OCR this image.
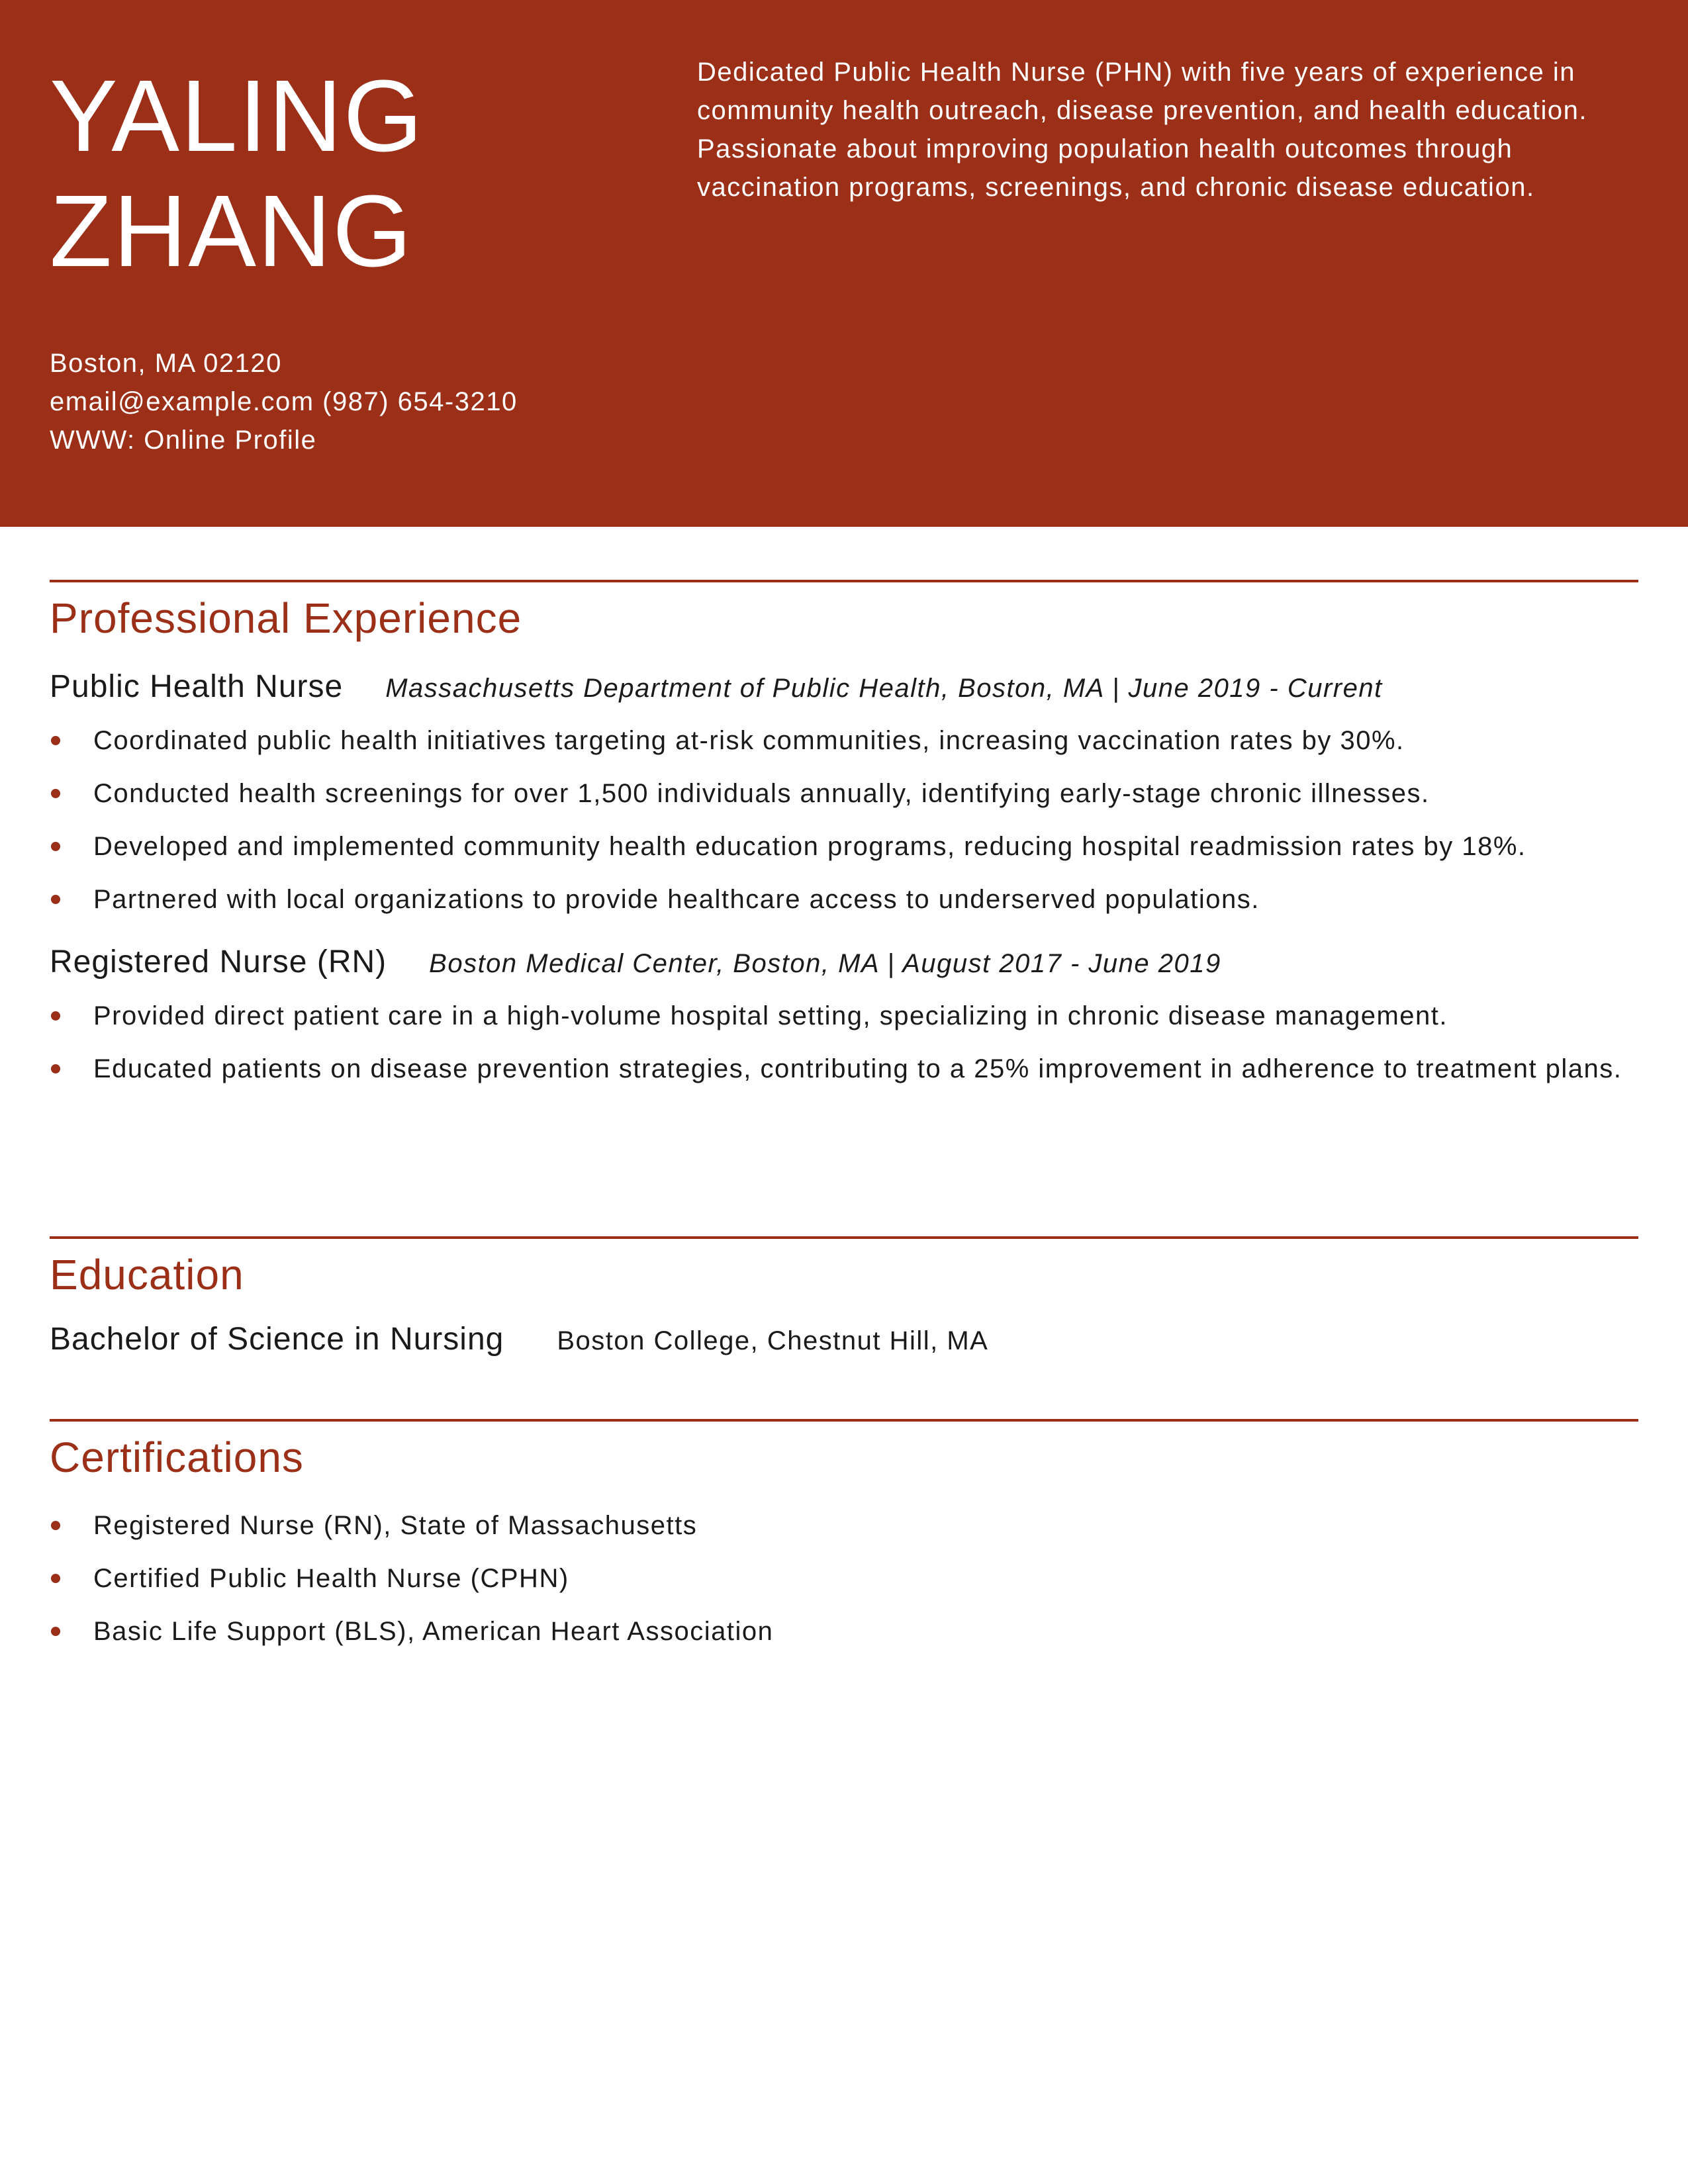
YALING
ZHANG

Dedicated Public Health Nurse (PHN) with five years of experience in community health outreach, disease prevention, and health education. Passionate about improving population health outcomes through vaccination programs, screenings, and chronic disease education.

Boston, MA 02120
email@example.com (987) 654-3210
WWW: Online Profile
Professional Experience
Public Health Nurse Massachusetts Department of Public Health, Boston, MA | June 2019 - Current
Coordinated public health initiatives targeting at-risk communities, increasing vaccination rates by 30%.
Conducted health screenings for over 1,500 individuals annually, identifying early-stage chronic illnesses.
Developed and implemented community health education programs, reducing hospital readmission rates by 18%.
Partnered with local organizations to provide healthcare access to underserved populations.
Registered Nurse (RN) Boston Medical Center, Boston, MA | August 2017 - June 2019
Provided direct patient care in a high-volume hospital setting, specializing in chronic disease management.
Educated patients on disease prevention strategies, contributing to a 25% improvement in adherence to treatment plans.
Education
Bachelor of Science in Nursing Boston College, Chestnut Hill, MA
Certifications
Registered Nurse (RN), State of Massachusetts
Certified Public Health Nurse (CPHN)
Basic Life Support (BLS), American Heart Association
